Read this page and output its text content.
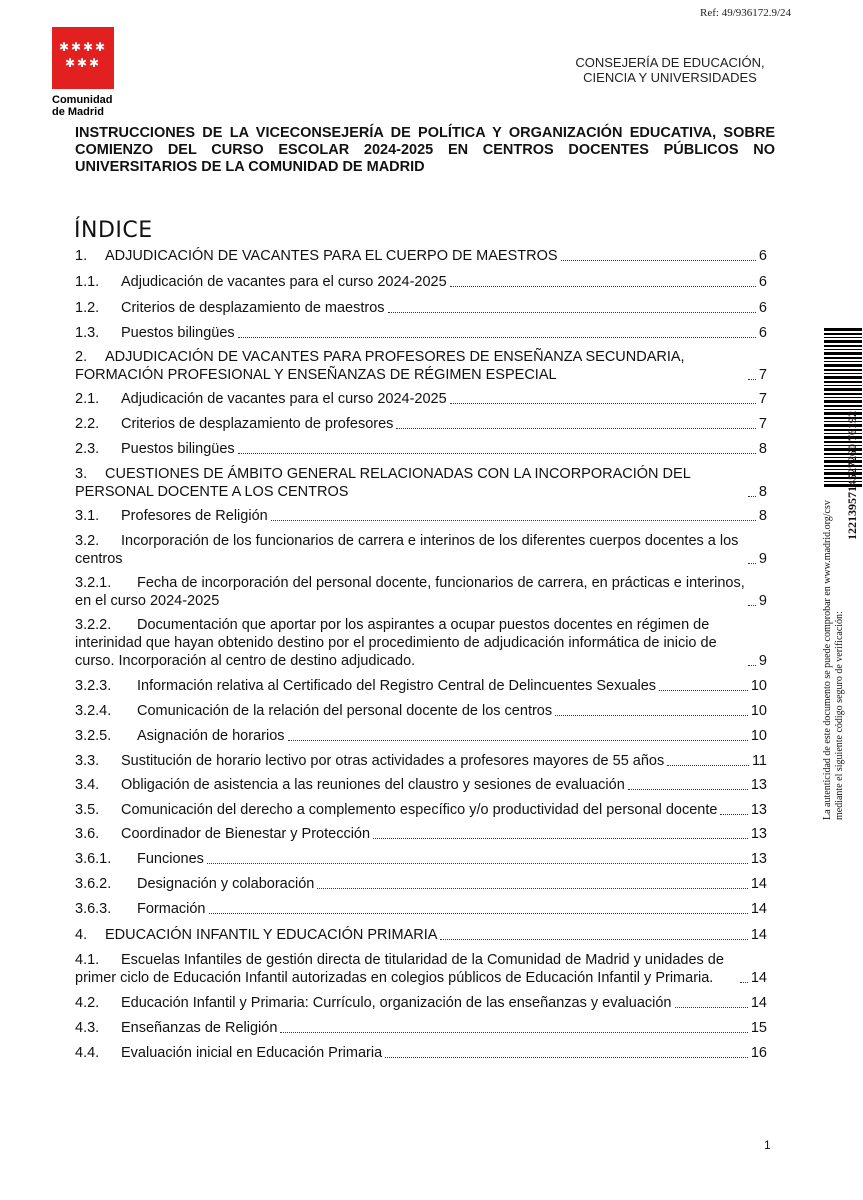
Ref: 49/936172.9/24
✱ ✱ ✱ ✱
✱ ✱ ✱
Comunidad
de Madrid
CONSEJERÍA DE EDUCACIÓN,
CIENCIA Y UNIVERSIDADES
INSTRUCCIONES DE LA VICECONSEJERÍA DE POLÍTICA Y ORGANIZACIÓN EDUCATIVA, SOBRE COMIENZO DEL CURSO ESCOLAR 2024-2025 EN CENTROS DOCENTES PÚBLICOS NO UNIVERSITARIOS DE LA COMUNIDAD DE MADRID
ÍNDICE
1. ADJUDICACIÓN DE VACANTES PARA EL CUERPO DE MAESTROS	6
1.1. Adjudicación de vacantes para el curso 2024-2025	6
1.2. Criterios de desplazamiento de maestros	6
1.3. Puestos bilingües	6
2. ADJUDICACIÓN DE VACANTES PARA PROFESORES DE ENSEÑANZA SECUNDARIA, FORMACIÓN PROFESIONAL Y ENSEÑANZAS DE RÉGIMEN ESPECIAL	7
2.1. Adjudicación de vacantes para el curso 2024-2025	7
2.2. Criterios de desplazamiento de profesores	7
2.3. Puestos bilingües	8
3. CUESTIONES DE ÁMBITO GENERAL RELACIONADAS CON LA INCORPORACIÓN DEL PERSONAL DOCENTE A LOS CENTROS	8
3.1. Profesores de Religión	8
3.2. Incorporación de los funcionarios de carrera e interinos de los diferentes cuerpos docentes a los centros	9
3.2.1. Fecha de incorporación del personal docente, funcionarios de carrera, en prácticas e interinos, en el curso 2024-2025	9
3.2.2. Documentación que aportar por los aspirantes a ocupar puestos docentes en régimen de interinidad que hayan obtenido destino por el procedimiento de adjudicación informática de inicio de curso. Incorporación al centro de destino adjudicado.	9
3.2.3. Información relativa al Certificado del Registro Central de Delincuentes Sexuales	10
3.2.4. Comunicación de la relación del personal docente de los centros	10
3.2.5. Asignación de horarios	10
3.3. Sustitución de horario lectivo por otras actividades a profesores mayores de 55 años	11
3.4. Obligación de asistencia a las reuniones del claustro y sesiones de evaluación	13
3.5. Comunicación del derecho a complemento específico y/o productividad del personal docente 13
3.6. Coordinador de Bienestar y Protección	13
3.6.1. Funciones	13
3.6.2. Designación y colaboración	14
3.6.3. Formación	14
4. EDUCACIÓN INFANTIL Y EDUCACIÓN PRIMARIA	14
4.1. Escuelas Infantiles de gestión directa de titularidad de la Comunidad de Madrid y unidades de primer ciclo de Educación Infantil autorizadas en colegios públicos de Educación Infantil y Primaria.	14
4.2. Educación Infantil y Primaria: Currículo, organización de las enseñanzas y evaluación	14
4.3. Enseñanzas de Religión	15
4.4. Evaluación inicial en Educación Primaria	16
La autenticidad de este documento se puede comprobar en www.madrid.org/csv mediante el siguiente código seguro de verificación:
1221395714527260 76192
1
